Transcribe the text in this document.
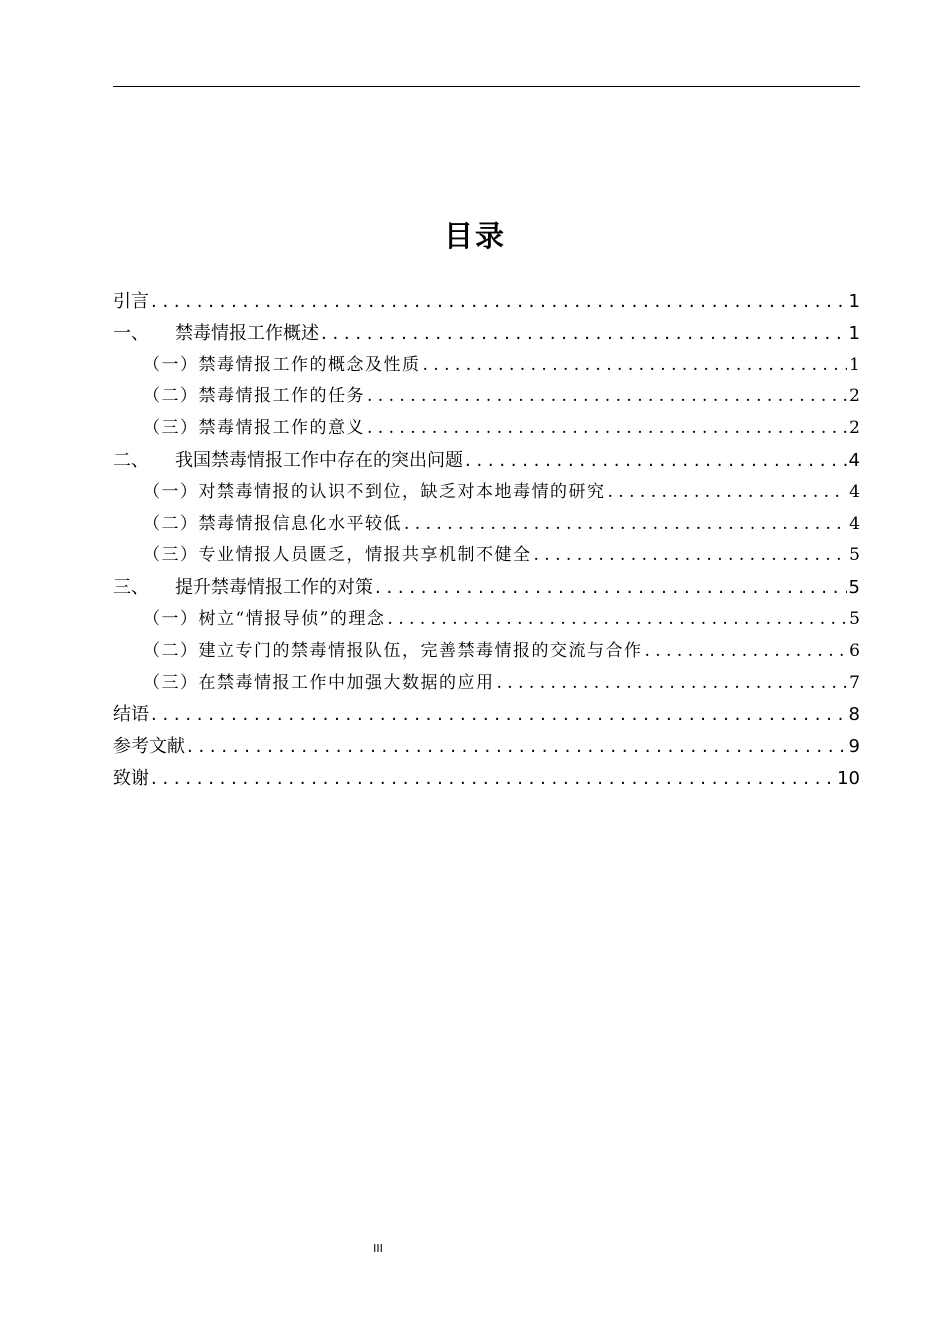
目录
引言 . . .	1
一、 禁毒情报工作概述 . . .	1
（一）禁毒情报工作的概念及性质 . . .	1
（二）禁毒情报工作的任务 . . .	2
（三）禁毒情报工作的意义 . . .	2
二、 我国禁毒情报工作中存在的突出问题 . . .	4
（一）对禁毒情报的认识不到位，缺乏对本地毒情的研究 . . .	4
（二）禁毒情报信息化水平较低 . . .	4
（三）专业情报人员匮乏，情报共享机制不健全 . . .	5
三、 提升禁毒情报工作的对策 . . .	5
（一）树立“情报导侦”的理念 . . .	5
（二）建立专门的禁毒情报队伍，完善禁毒情报的交流与合作 . . .	6
（三）在禁毒情报工作中加强大数据的应用 . . .	7
结语 . . .	8
参考文献 . . .	9
致谢 . . .	10
III
